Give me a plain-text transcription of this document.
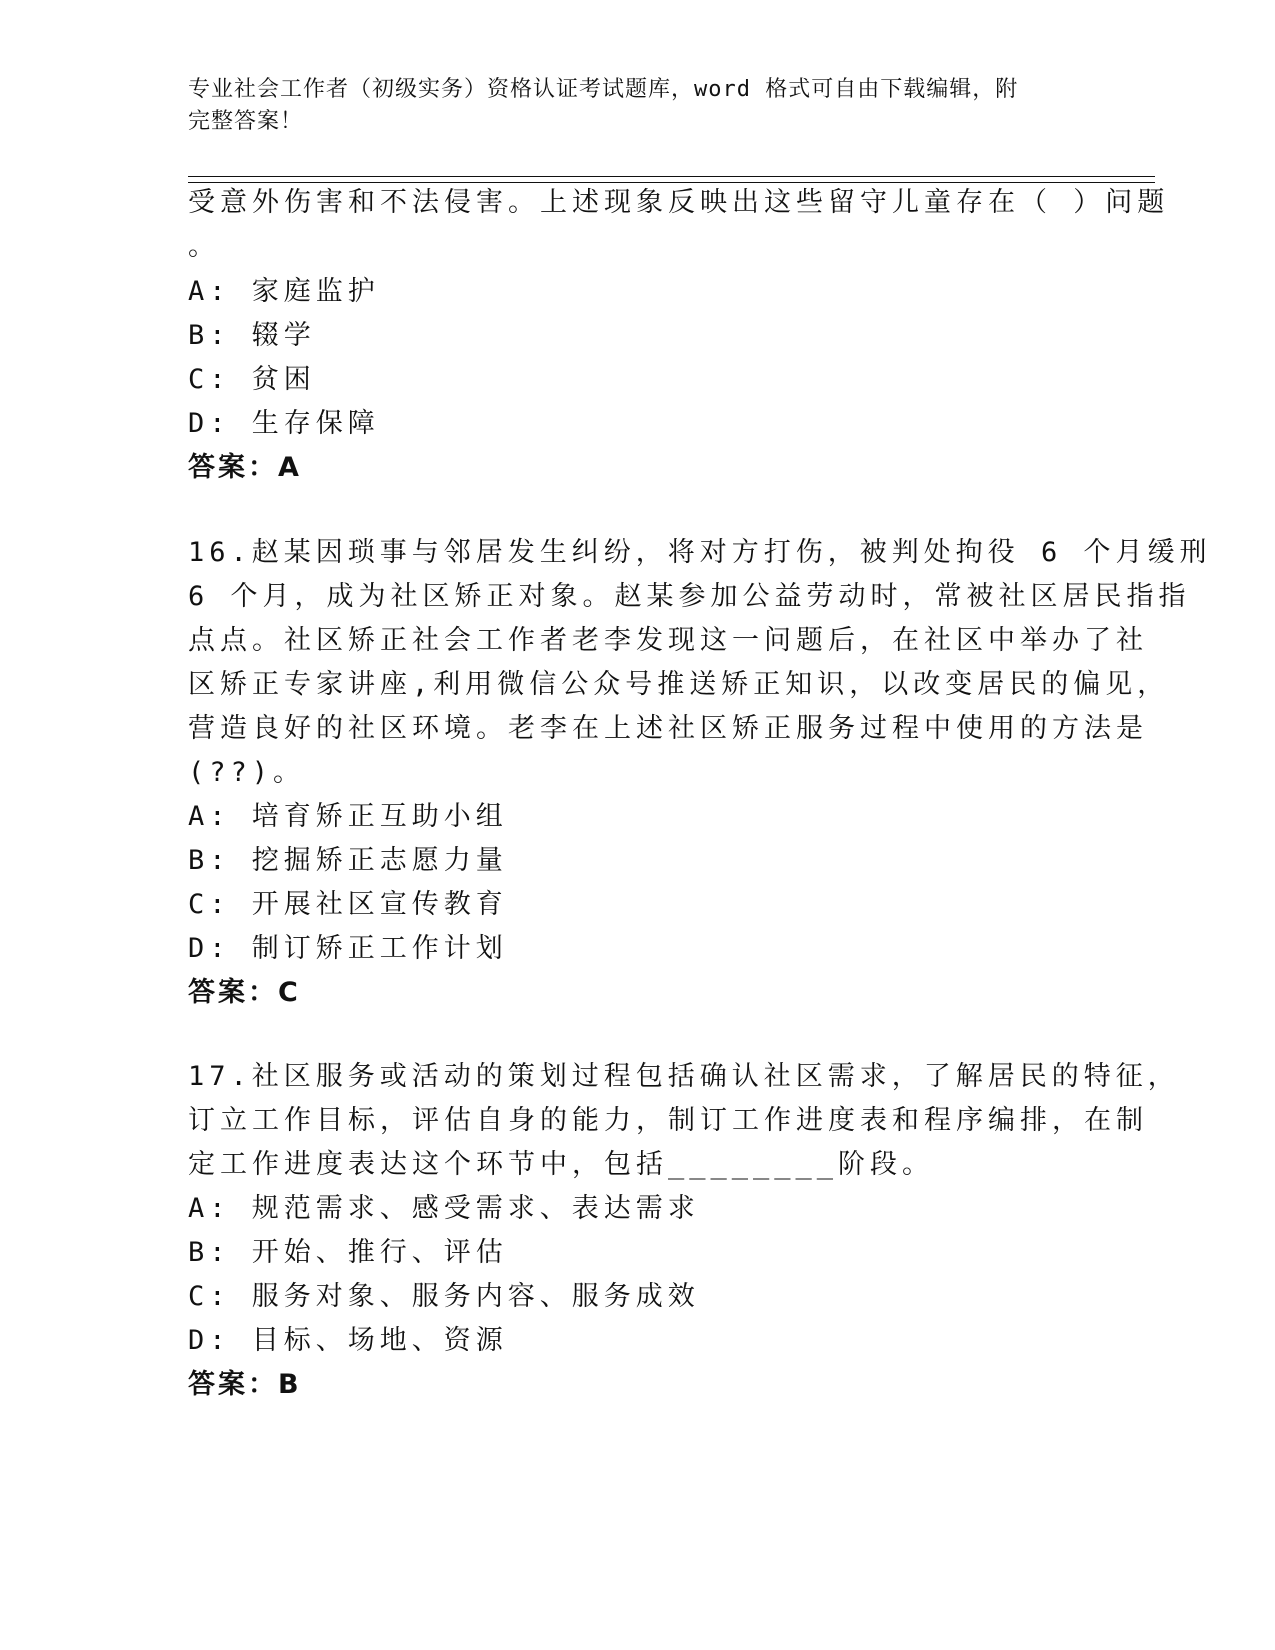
专业社会工作者（初级实务）资格认证考试题库，word 格式可自由下载编辑，附
完整答案！
受意外伤害和不法侵害。上述现象反映出这些留守儿童存在（ ）问题
。
A: 家庭监护
B: 辍学
C: 贫困
D: 生存保障
答案：A
16.赵某因琐事与邻居发生纠纷，将对方打伤，被判处拘役 6 个月缓刑
6 个月，成为社区矫正对象。赵某参加公益劳动时，常被社区居民指指
点点。社区矫正社会工作者老李发现这一问题后，在社区中举办了社
区矫正专家讲座,利用微信公众号推送矫正知识，以改变居民的偏见，
营造良好的社区环境。老李在上述社区矫正服务过程中使用的方法是
(??)。
A: 培育矫正互助小组
B: 挖掘矫正志愿力量
C: 开展社区宣传教育
D: 制订矫正工作计划
答案：C
17.社区服务或活动的策划过程包括确认社区需求，了解居民的特征，
订立工作目标，评估自身的能力，制订工作进度表和程序编排，在制
定工作进度表达这个环节中，包括________阶段。
A: 规范需求、感受需求、表达需求
B: 开始、推行、评估
C: 服务对象、服务内容、服务成效
D: 目标、场地、资源
答案：B
